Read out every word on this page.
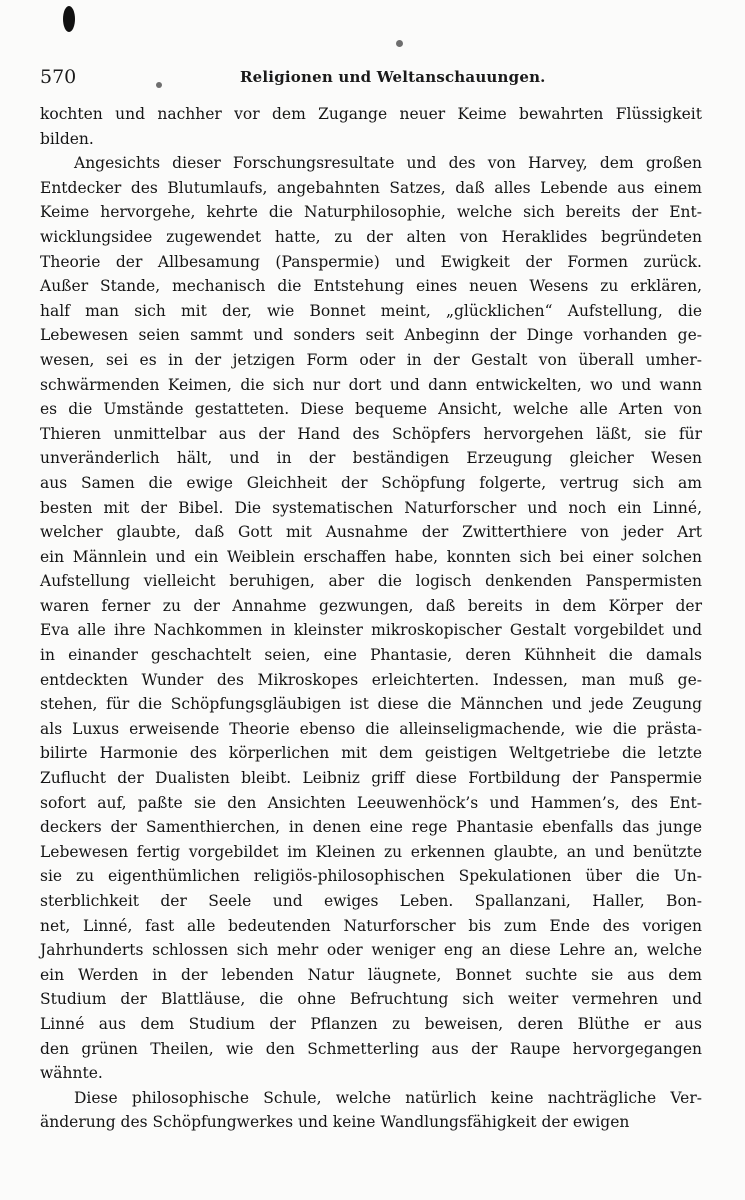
570	Religionen und Weltanschauungen.
kochten und nachher vor dem Zugange neuer Keime bewahrten Flüssigkeit
bilden.
Angesichts dieser Forschungsresultate und des von Harvey, dem großen
Entdecker des Blutumlaufs, angebahnten Satzes, daß alles Lebende aus einem
Keime hervorgehe, kehrte die Naturphilosophie, welche sich bereits der Ent-
wicklungsidee zugewendet hatte, zu der alten von Heraklides begründeten
Theorie der Allbesamung (Panspermie) und Ewigkeit der Formen zurück.
Außer Stande, mechanisch die Entstehung eines neuen Wesens zu erklären,
half man sich mit der, wie Bonnet meint, „glücklichen“ Aufstellung, die
Lebewesen seien sammt und sonders seit Anbeginn der Dinge vorhanden ge-
wesen, sei es in der jetzigen Form oder in der Gestalt von überall umher-
schwärmenden Keimen, die sich nur dort und dann entwickelten, wo und wann
es die Umstände gestatteten. Diese bequeme Ansicht, welche alle Arten von
Thieren unmittelbar aus der Hand des Schöpfers hervorgehen läßt, sie für
unveränderlich hält, und in der beständigen Erzeugung gleicher Wesen
aus Samen die ewige Gleichheit der Schöpfung folgerte, vertrug sich am
besten mit der Bibel. Die systematischen Naturforscher und noch ein Linné,
welcher glaubte, daß Gott mit Ausnahme der Zwitterthiere von jeder Art
ein Männlein und ein Weiblein erschaffen habe, konnten sich bei einer solchen
Aufstellung vielleicht beruhigen, aber die logisch denkenden Panspermisten
waren ferner zu der Annahme gezwungen, daß bereits in dem Körper der
Eva alle ihre Nachkommen in kleinster mikroskopischer Gestalt vorgebildet und
in einander geschachtelt seien, eine Phantasie, deren Kühnheit die damals
entdeckten Wunder des Mikroskopes erleichterten. Indessen, man muß ge-
stehen, für die Schöpfungsgläubigen ist diese die Männchen und jede Zeugung
als Luxus erweisende Theorie ebenso die alleinseligmachende, wie die prästa-
bilirte Harmonie des körperlichen mit dem geistigen Weltgetriebe die letzte
Zuflucht der Dualisten bleibt. Leibniz griff diese Fortbildung der Panspermie
sofort auf, paßte sie den Ansichten Leeuwenhöck’s und Hammen’s, des Ent-
deckers der Samenthierchen, in denen eine rege Phantasie ebenfalls das junge
Lebewesen fertig vorgebildet im Kleinen zu erkennen glaubte, an und benützte
sie zu eigenthümlichen religiös-philosophischen Spekulationen über die Un-
sterblichkeit der Seele und ewiges Leben. Spallanzani, Haller, Bon-
net, Linné, fast alle bedeutenden Naturforscher bis zum Ende des vorigen
Jahrhunderts schlossen sich mehr oder weniger eng an diese Lehre an, welche
ein Werden in der lebenden Natur läugnete, Bonnet suchte sie aus dem
Studium der Blattläuse, die ohne Befruchtung sich weiter vermehren und
Linné aus dem Studium der Pflanzen zu beweisen, deren Blüthe er aus
den grünen Theilen, wie den Schmetterling aus der Raupe hervorgegangen
wähnte.
Diese philosophische Schule, welche natürlich keine nachträgliche Ver-
änderung des Schöpfungwerkes und keine Wandlungsfähigkeit der ewigen
